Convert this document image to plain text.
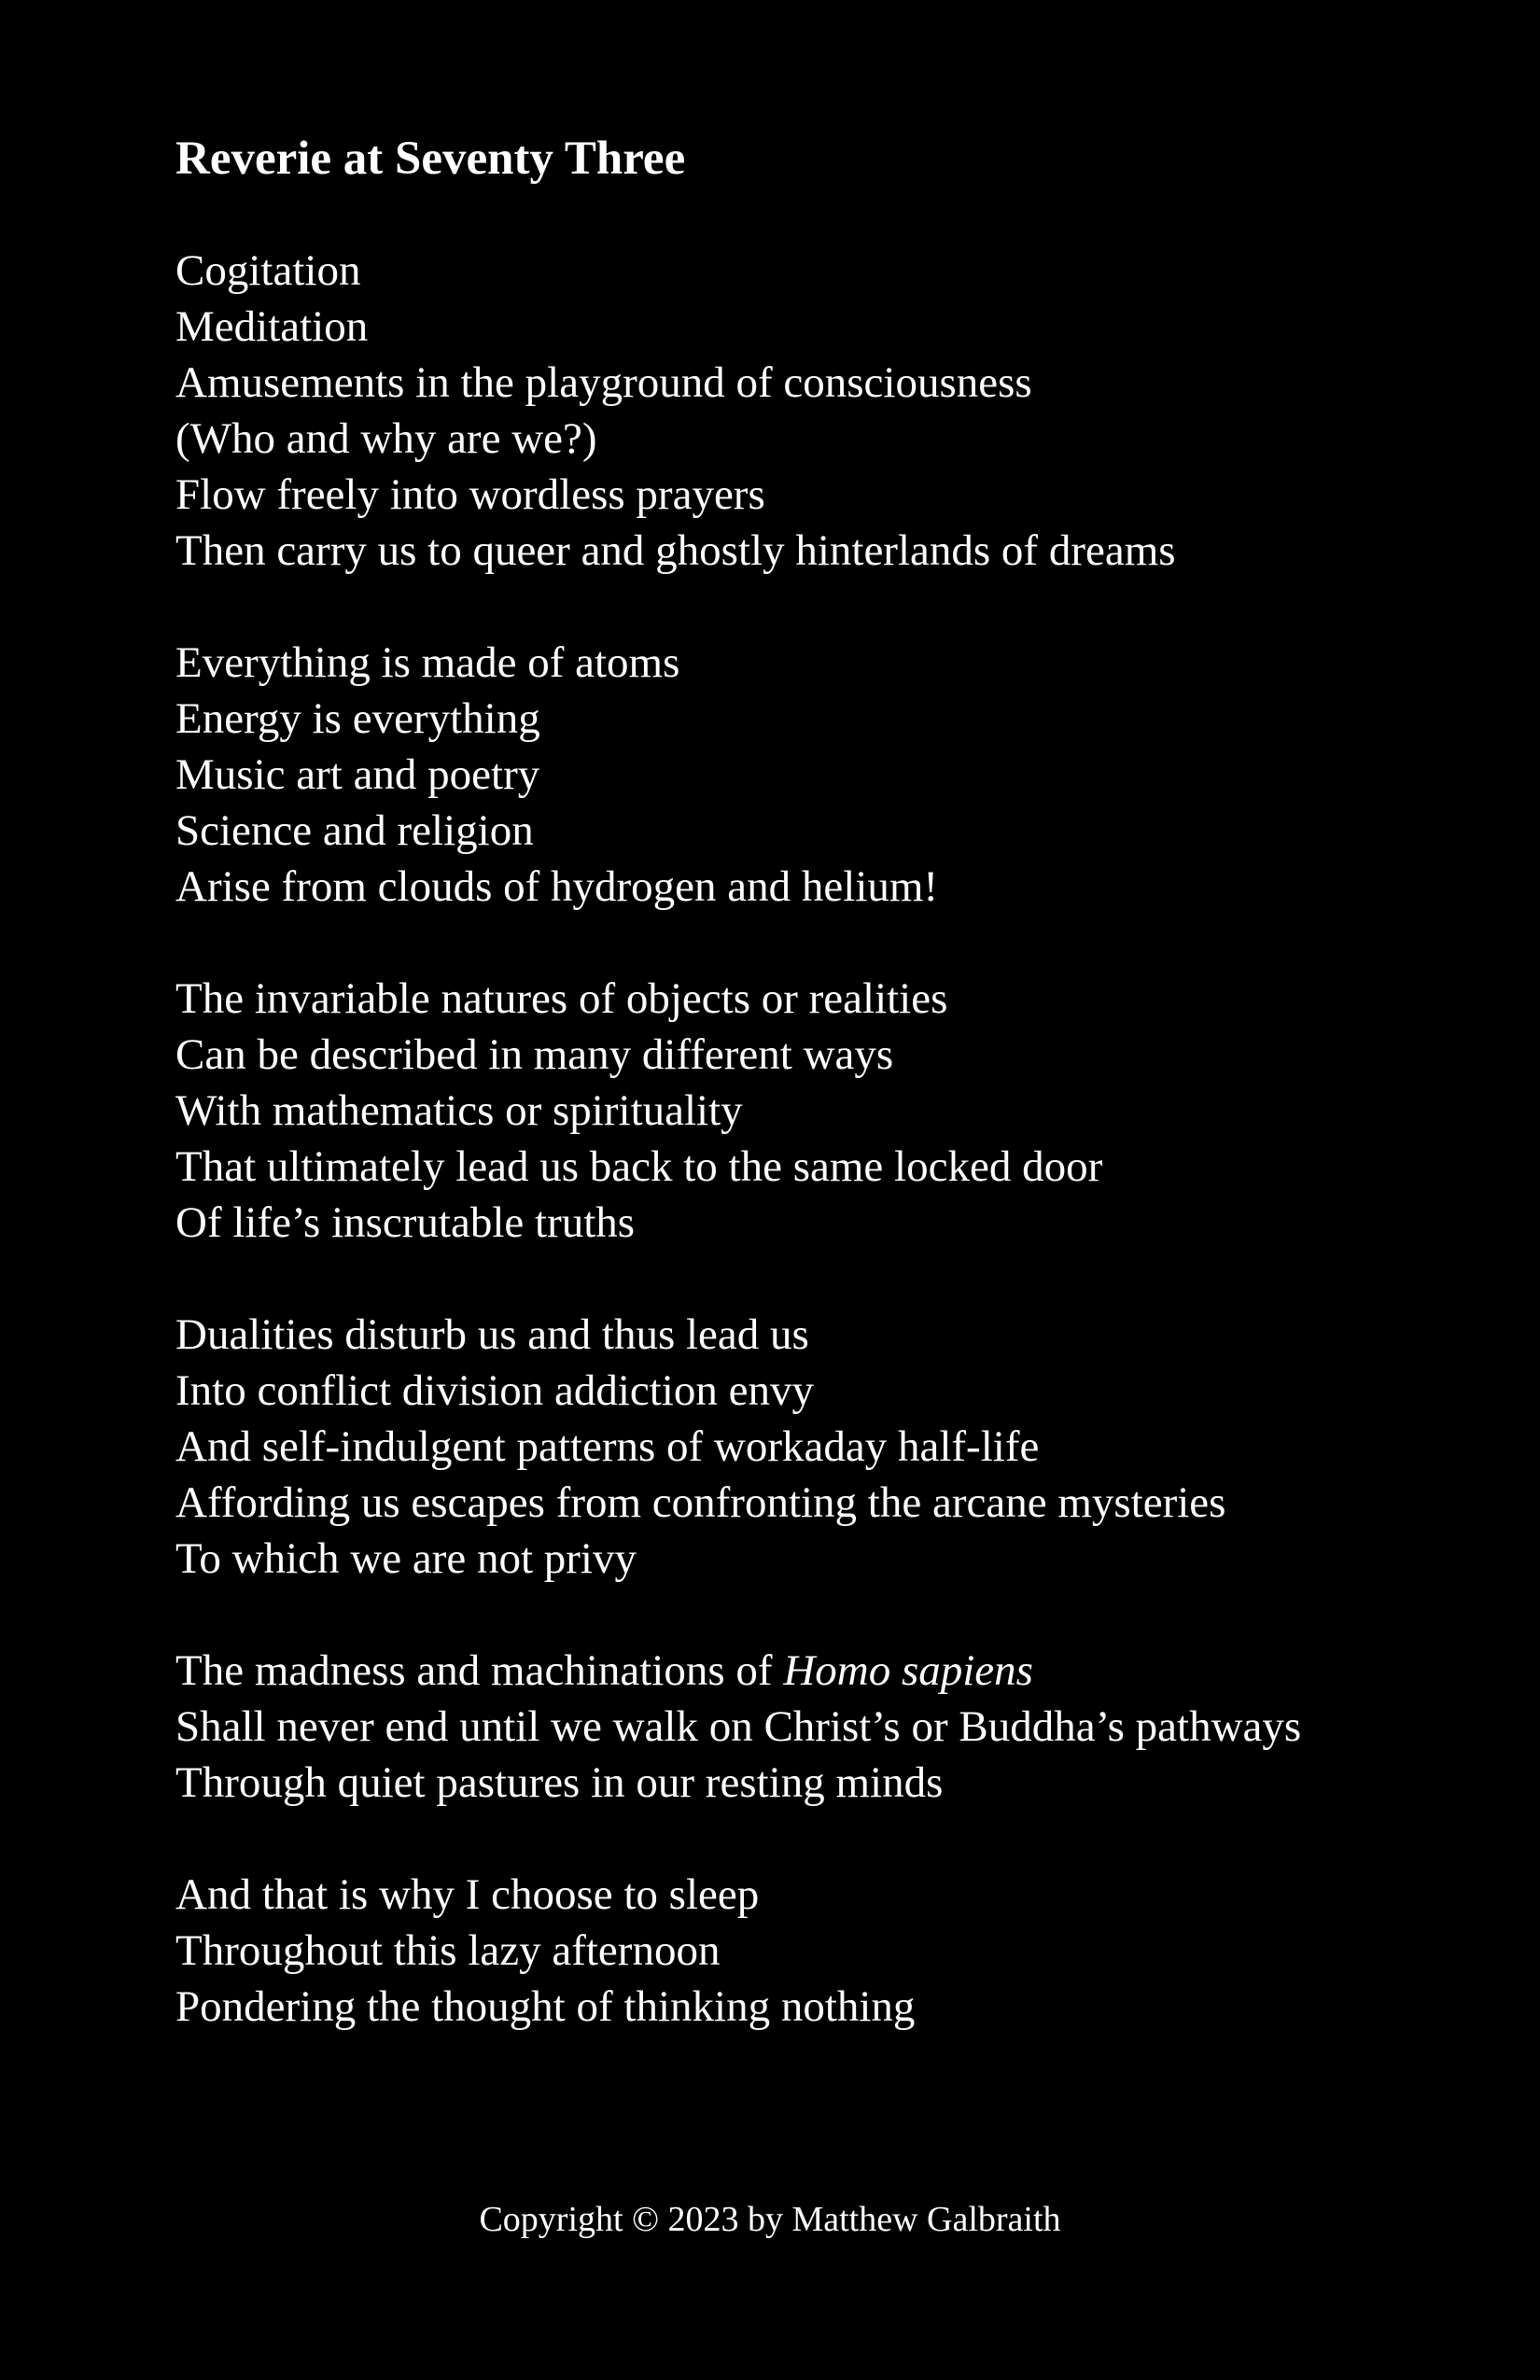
Reverie at Seventy Three
Cogitation
Meditation
Amusements in the playground of consciousness
(Who and why are we?)
Flow freely into wordless prayers
Then carry us to queer and ghostly hinterlands of dreams
Everything is made of atoms
Energy is everything
Music art and poetry
Science and religion
Arise from clouds of hydrogen and helium!
The invariable natures of objects or realities
Can be described in many different ways
With mathematics or spirituality
That ultimately lead us back to the same locked door
Of life’s inscrutable truths
Dualities disturb us and thus lead us
Into conflict division addiction envy
And self-indulgent patterns of workaday half-life
Affording us escapes from confronting the arcane mysteries
To which we are not privy
The madness and machinations of Homo sapiens
Shall never end until we walk on Christ’s or Buddha’s pathways
Through quiet pastures in our resting minds
And that is why I choose to sleep
Throughout this lazy afternoon
Pondering the thought of thinking nothing
Copyright © 2023 by Matthew Galbraith
